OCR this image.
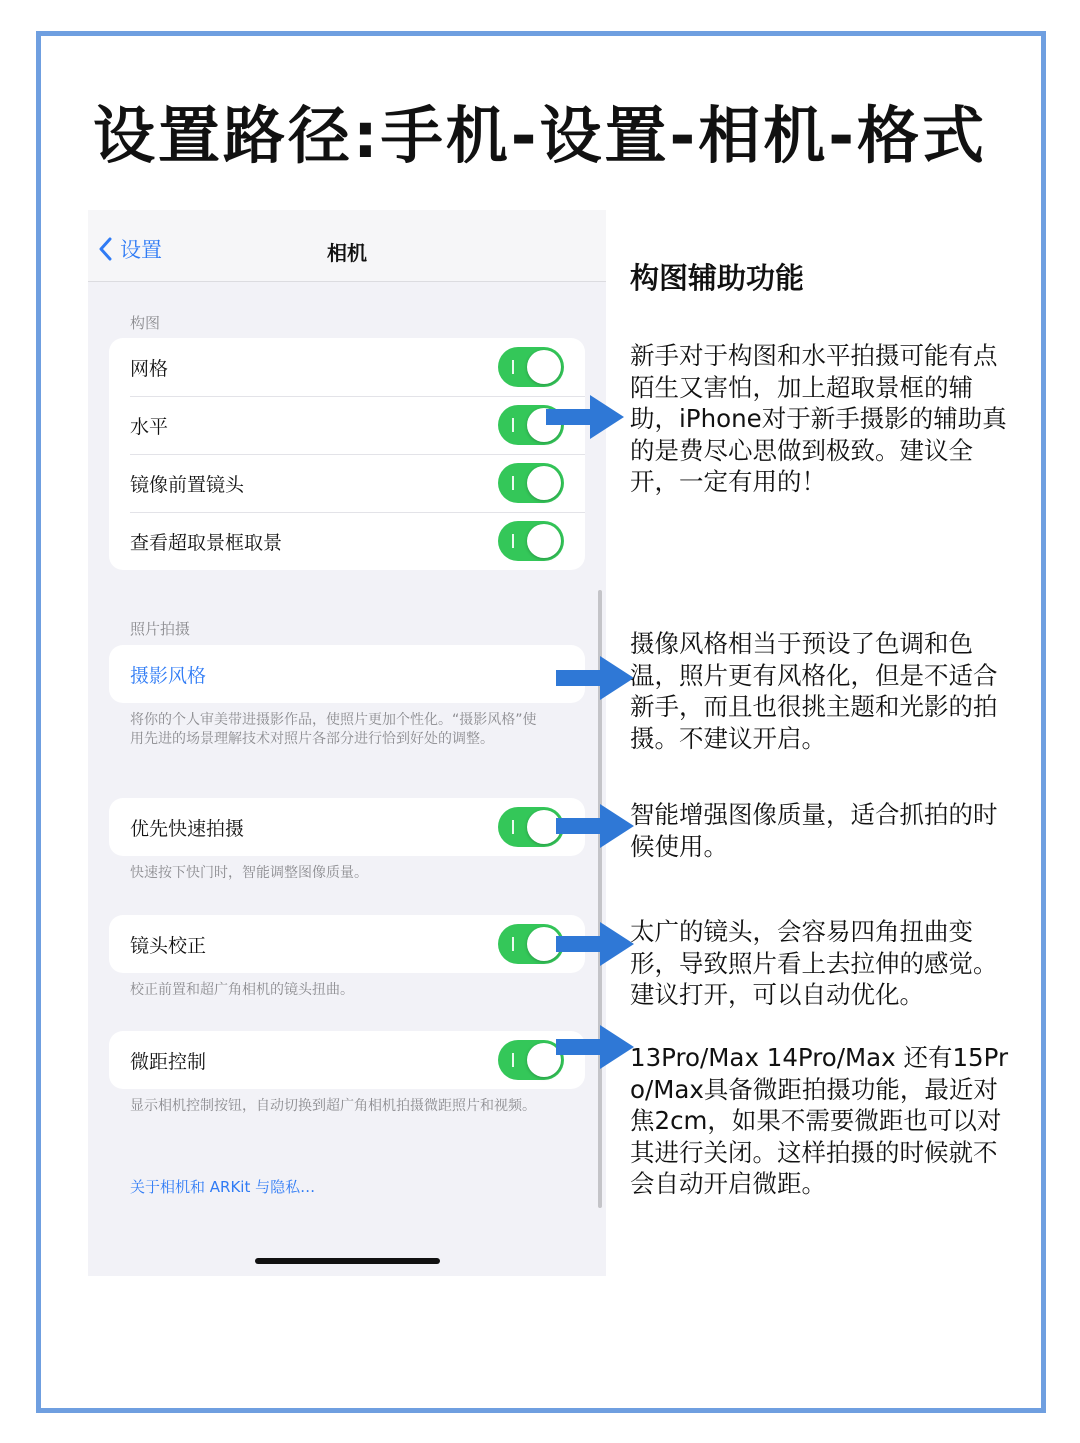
设置路径:手机-设置-相机-格式
设置	相机
构图
网格
水平
镜像前置镜头
查看超取景框取景
照片拍摄
摄影风格
将你的个人审美带进摄影作品，使照片更加个性化。“摄影风格”使用先进的场景理解技术对照片各部分进行恰到好处的调整。
优先快速拍摄
快速按下快门时，智能调整图像质量。
镜头校正
校正前置和超广角相机的镜头扭曲。
微距控制
显示相机控制按钮，自动切换到超广角相机拍摄微距照片和视频。
关于相机和 ARKit 与隐私…
构图辅助功能
新手对于构图和水平拍摄可能有点陌生又害怕，加上超取景框的辅助，iPhone对于新手摄影的辅助真的是费尽心思做到极致。建议全开，一定有用的！
摄像风格相当于预设了色调和色温，照片更有风格化，但是不适合新手，而且也很挑主题和光影的拍摄。不建议开启。
智能增强图像质量，适合抓拍的时候使用。
太广的镜头，会容易四角扭曲变形，导致照片看上去拉伸的感觉。建议打开，可以自动优化。
13Pro/Max 14Pro/Max 还有15Pro/Max具备微距拍摄功能，最近对焦2cm，如果不需要微距也可以对其进行关闭。这样拍摄的时候就不会自动开启微距。
